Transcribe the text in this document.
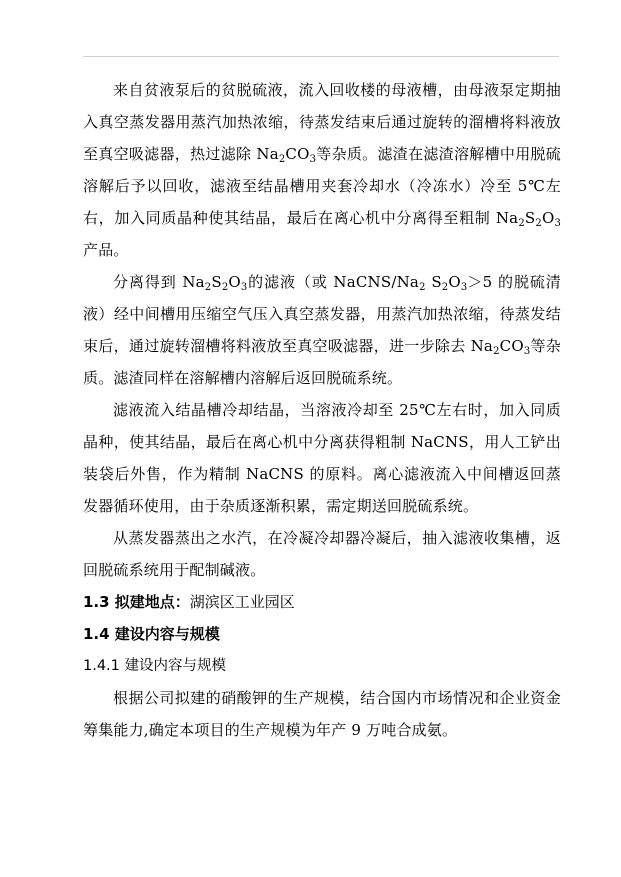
来自贫液泵后的贫脱硫液，流入回收楼的母液槽，由母液泵定期抽入真空蒸发器用蒸汽加热浓缩，待蒸发结束后通过旋转的溜槽将料液放至真空吸滤器，热过滤除 $Na_2CO_3$等杂质。滤渣在滤渣溶解槽中用脱硫溶解后予以回收，滤液至结晶槽用夹套冷却水（冷冻水）冷至 5℃左右，加入同质晶种使其结晶，最后在离心机中分离得至粗制 $Na_2S_2O_3$产品。

分离得到 $Na_2S_2O_3$的滤液（或 NaCNS/$Na_2$ $S_2O_3>5$ 的脱硫清液）经中间槽用压缩空气压入真空蒸发器，用蒸汽加热浓缩，待蒸发结束后，通过旋转溜槽将料液放至真空吸滤器，进一步除去 $Na_2CO_3$等杂质。滤渣同样在溶解槽内溶解后返回脱硫系统。

滤液流入结晶槽冷却结晶，当溶液冷却至 25℃左右时，加入同质晶种，使其结晶，最后在离心机中分离获得粗制 NaCNS，用人工铲出装袋后外售，作为精制 NaCNS 的原料。离心滤液流入中间槽返回蒸发器循环使用，由于杂质逐渐积累，需定期送回脱硫系统。

从蒸发器蒸出之水汽，在冷凝冷却器冷凝后，抽入滤液收集槽，返回脱硫系统用于配制碱液。

1.3 拟建地点：湖滨区工业园区

1.4 建设内容与规模

1.4.1 建设内容与规模

根据公司拟建的硝酸钾的生产规模，结合国内市场情况和企业资金筹集能力,确定本项目的生产规模为年产 9 万吨合成氨。
